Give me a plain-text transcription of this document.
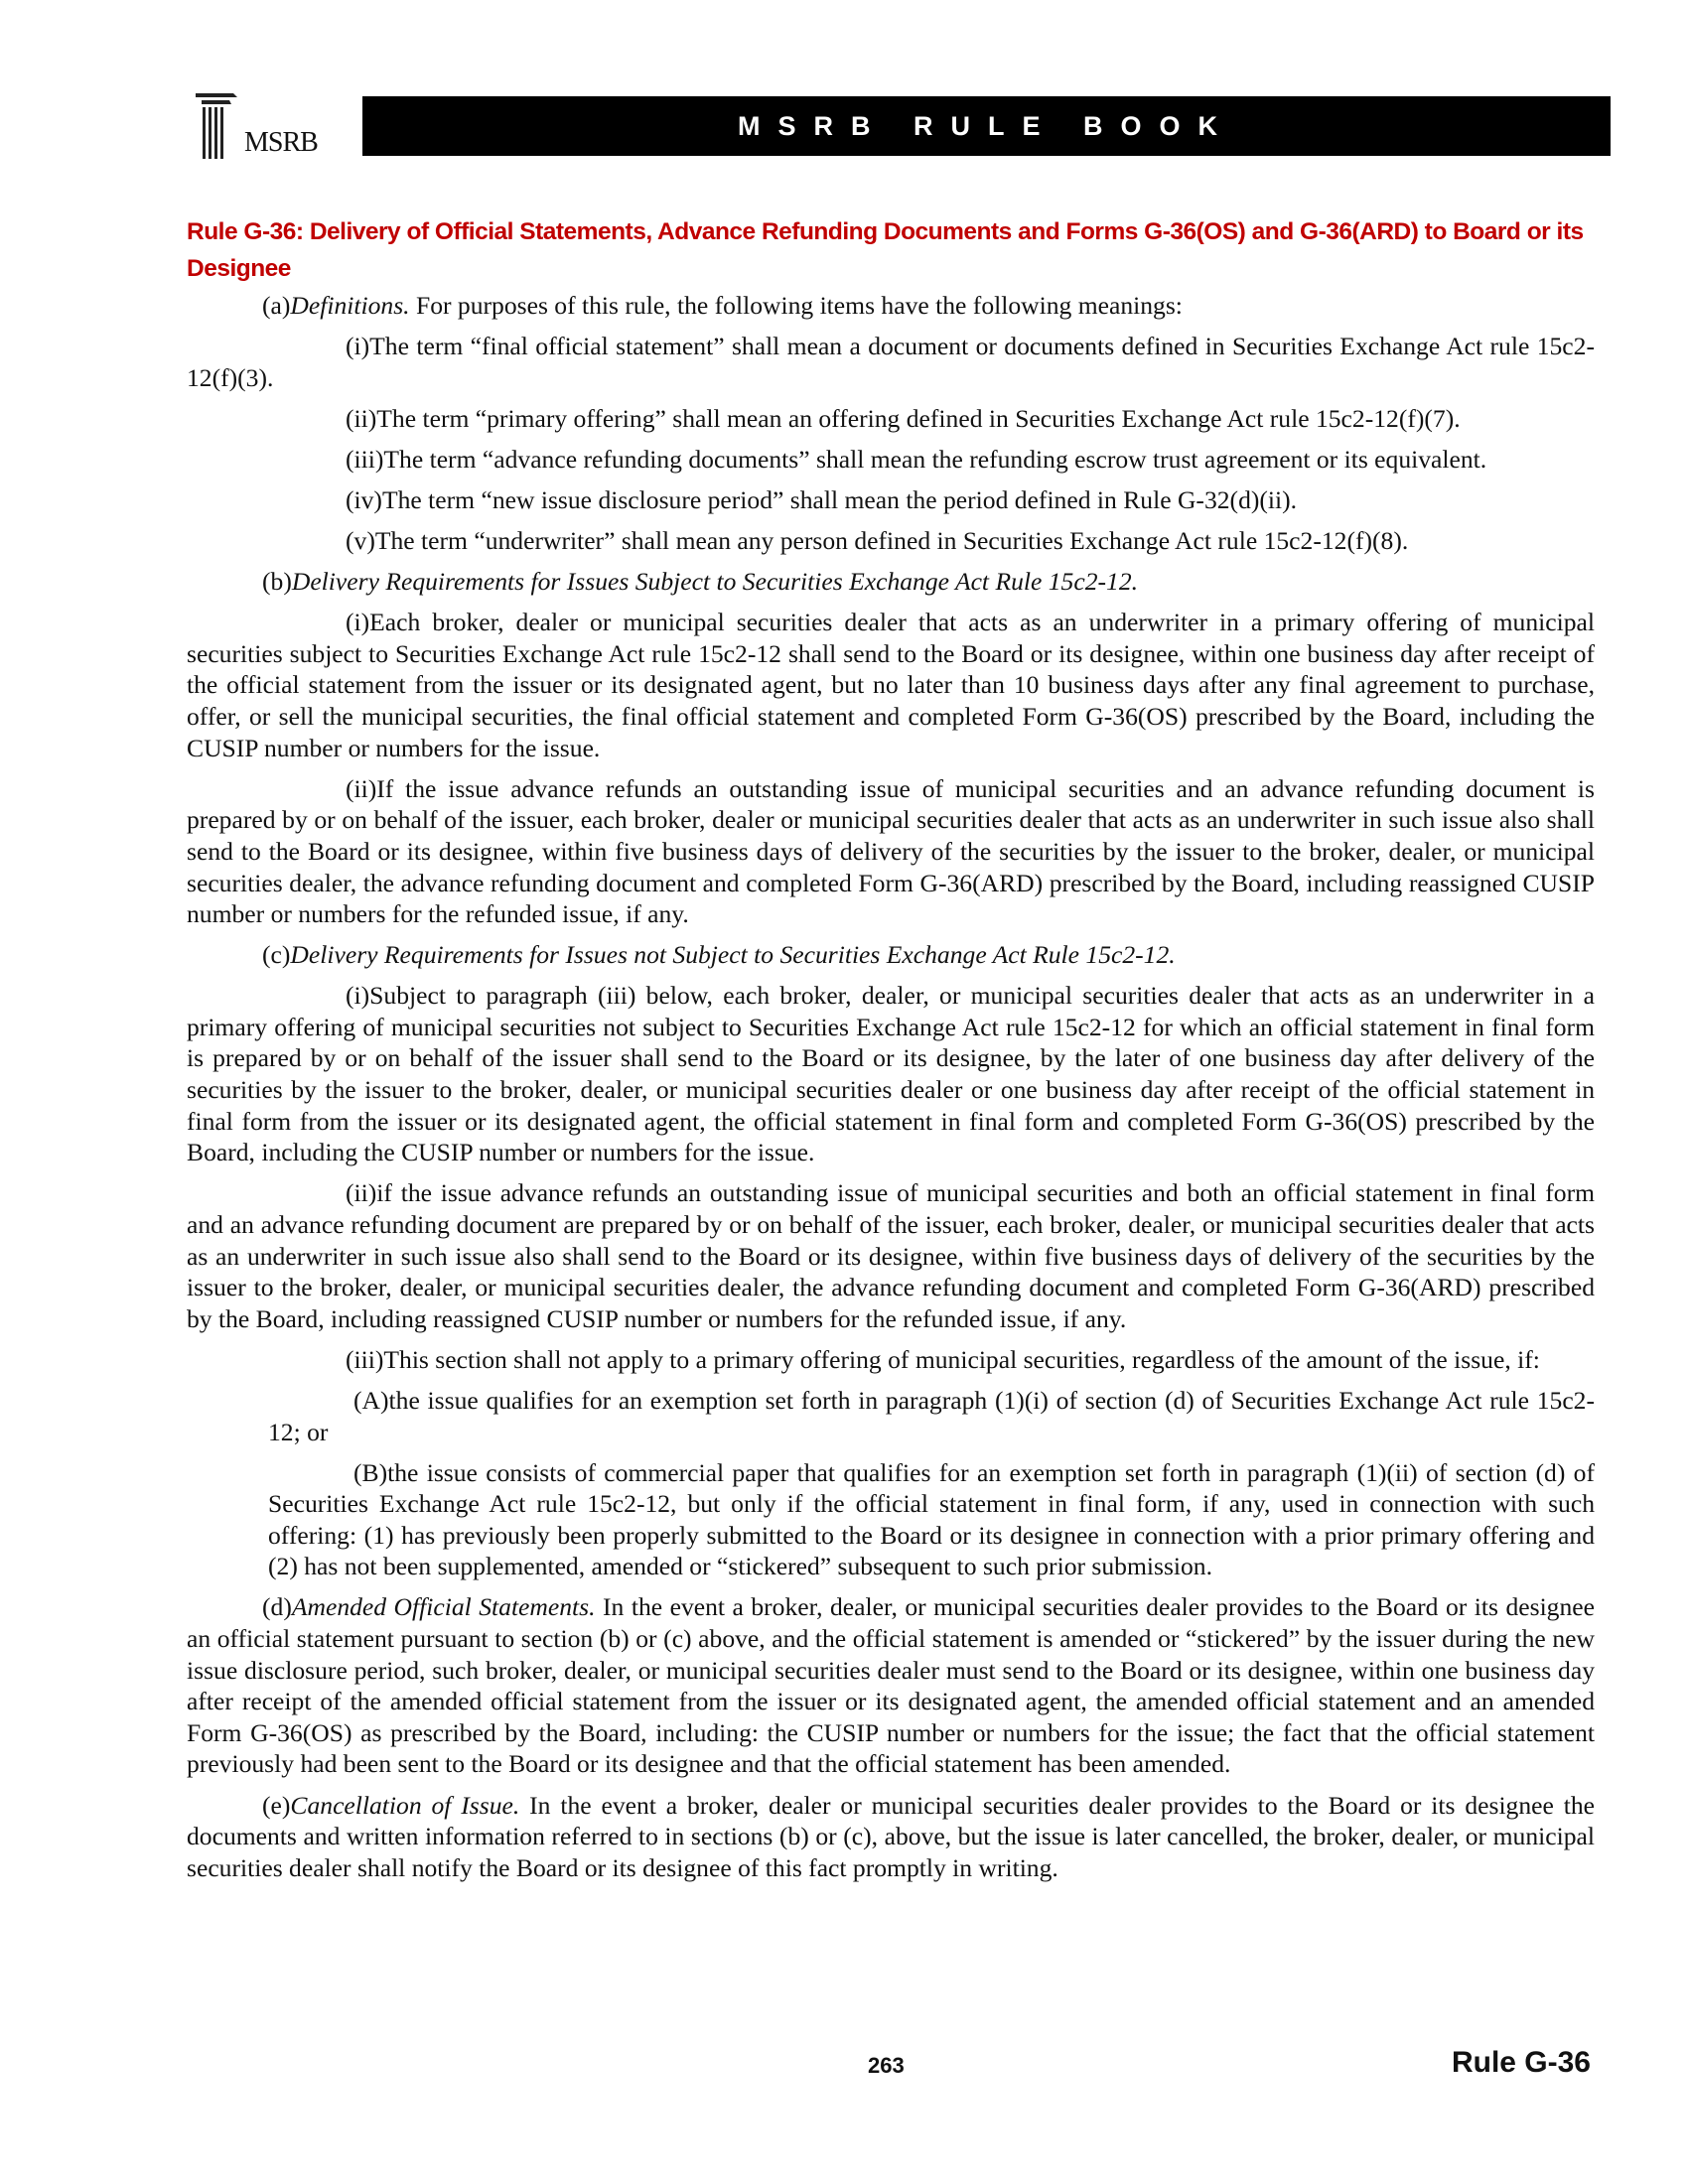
MSRB
MSRB RULE BOOK
Rule G-36: Delivery of Official Statements, Advance Refunding Documents and Forms G-36(OS) and G-36(ARD) to Board or its Designee

(a)Definitions. For purposes of this rule, the following items have the following meanings:

(i)The term “final official statement” shall mean a document or documents defined in Securities Exchange Act rule 15c2-12(f)(3).

(ii)The term “primary offering” shall mean an offering defined in Securities Exchange Act rule 15c2-12(f)(7).

(iii)The term “advance refunding documents” shall mean the refunding escrow trust agreement or its equivalent.

(iv)The term “new issue disclosure period” shall mean the period defined in Rule G-32(d)(ii).

(v)The term “underwriter” shall mean any person defined in Securities Exchange Act rule 15c2-12(f)(8).

(b)Delivery Requirements for Issues Subject to Securities Exchange Act Rule 15c2-12.

(i)Each broker, dealer or municipal securities dealer that acts as an underwriter in a primary offering of municipal securities subject to Securities Exchange Act rule 15c2-12 shall send to the Board or its designee, within one business day after receipt of the official statement from the issuer or its designated agent, but no later than 10 business days after any final agreement to purchase, offer, or sell the municipal securities, the final official statement and completed Form G-36(OS) prescribed by the Board, including the CUSIP number or numbers for the issue.

(ii)If the issue advance refunds an outstanding issue of municipal securities and an advance refunding document is prepared by or on behalf of the issuer, each broker, dealer or municipal securities dealer that acts as an underwriter in such issue also shall send to the Board or its designee, within five business days of delivery of the securities by the issuer to the broker, dealer, or municipal securities dealer, the advance refunding document and completed Form G-36(ARD) prescribed by the Board, including reassigned CUSIP number or numbers for the refunded issue, if any.

(c)Delivery Requirements for Issues not Subject to Securities Exchange Act Rule 15c2-12.

(i)Subject to paragraph (iii) below, each broker, dealer, or municipal securities dealer that acts as an underwriter in a primary offering of municipal securities not subject to Securities Exchange Act rule 15c2-12 for which an official statement in final form is prepared by or on behalf of the issuer shall send to the Board or its designee, by the later of one business day after delivery of the securities by the issuer to the broker, dealer, or municipal securities dealer or one business day after receipt of the official statement in final form from the issuer or its designated agent, the official statement in final form and completed Form G-36(OS) prescribed by the Board, including the CUSIP number or numbers for the issue.

(ii)if the issue advance refunds an outstanding issue of municipal securities and both an official statement in final form and an advance refunding document are prepared by or on behalf of the issuer, each broker, dealer, or municipal securities dealer that acts as an underwriter in such issue also shall send to the Board or its designee, within five business days of delivery of the securities by the issuer to the broker, dealer, or municipal securities dealer, the advance refunding document and completed Form G-36(ARD) prescribed by the Board, including reassigned CUSIP number or numbers for the refunded issue, if any.

(iii)This section shall not apply to a primary offering of municipal securities, regardless of the amount of the issue, if:

(A)the issue qualifies for an exemption set forth in paragraph (1)(i) of section (d) of Securities Exchange Act rule 15c2-12; or

(B)the issue consists of commercial paper that qualifies for an exemption set forth in paragraph (1)(ii) of section (d) of Securities Exchange Act rule 15c2-12, but only if the official statement in final form, if any, used in connection with such offering: (1) has previously been properly submitted to the Board or its designee in connection with a prior primary offering and (2) has not been supplemented, amended or “stickered” subsequent to such prior submission.

(d)Amended Official Statements. In the event a broker, dealer, or municipal securities dealer provides to the Board or its designee an official statement pursuant to section (b) or (c) above, and the official statement is amended or “stickered” by the issuer during the new issue disclosure period, such broker, dealer, or municipal securities dealer must send to the Board or its designee, within one business day after receipt of the amended official statement from the issuer or its designated agent, the amended official statement and an amended Form G-36(OS) as prescribed by the Board, including: the CUSIP number or numbers for the issue; the fact that the official statement previously had been sent to the Board or its designee and that the official statement has been amended.

(e)Cancellation of Issue. In the event a broker, dealer or municipal securities dealer provides to the Board or its designee the documents and written information referred to in sections (b) or (c), above, but the issue is later cancelled, the broker, dealer, or municipal securities dealer shall notify the Board or its designee of this fact promptly in writing.

263	Rule G-36
